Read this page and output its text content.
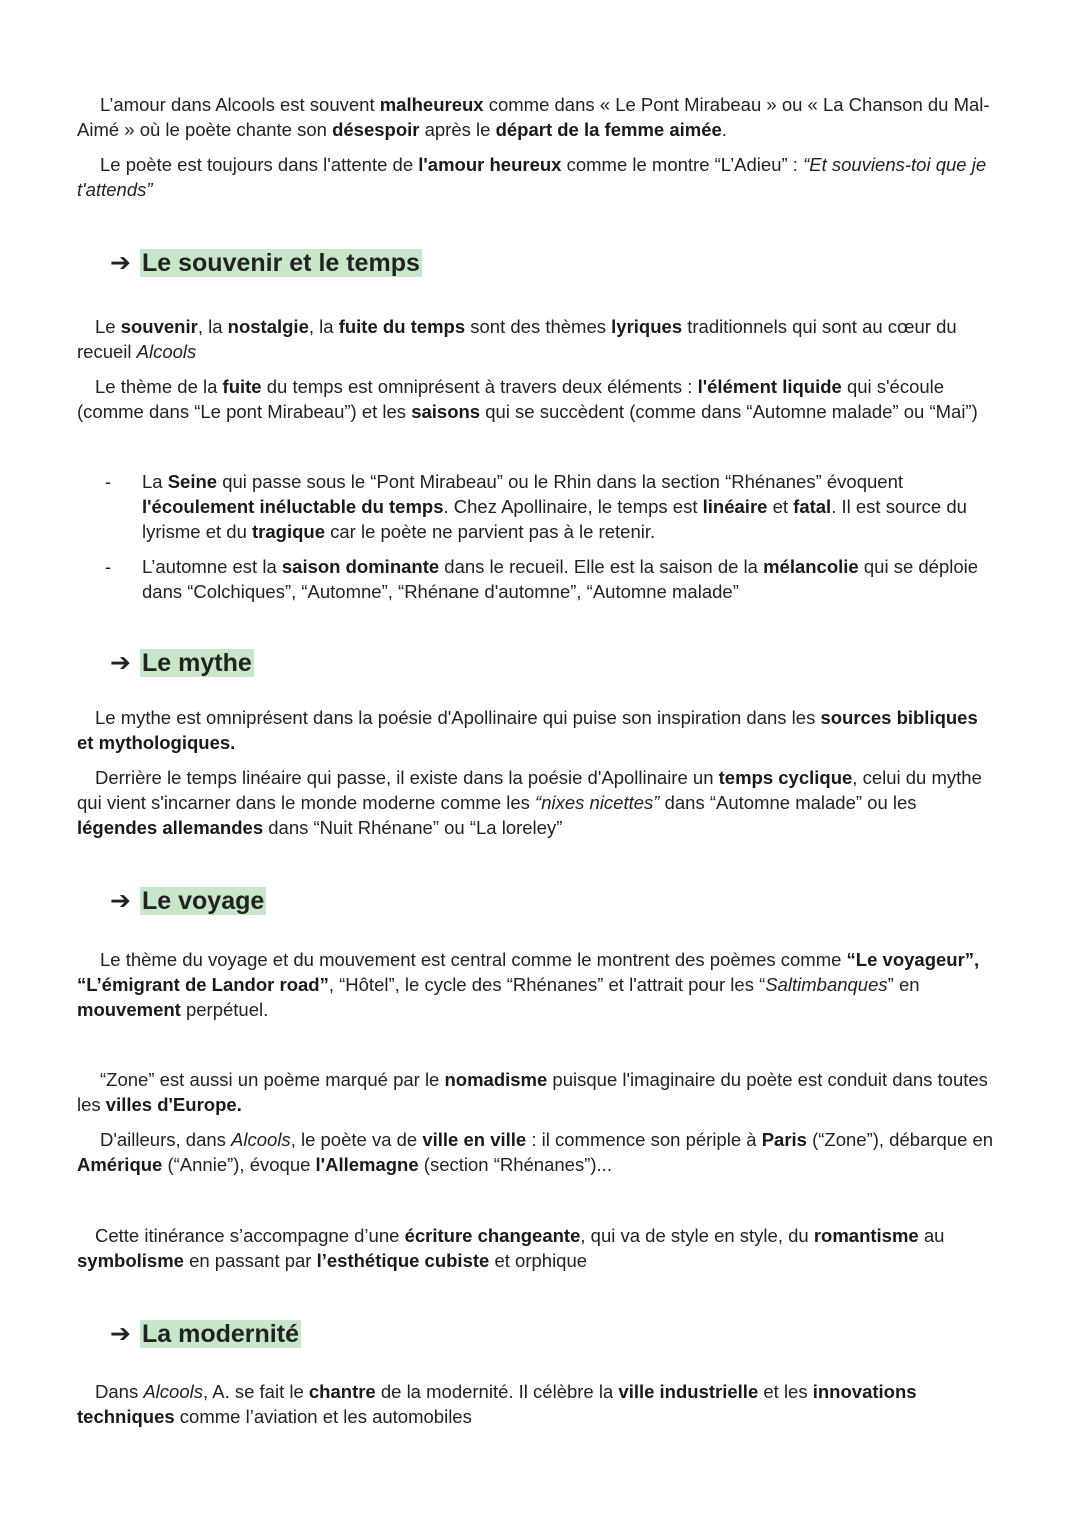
L’amour dans Alcools est souvent malheureux comme dans « Le Pont Mirabeau » ou « La Chanson du Mal-Aimé » où le poète chante son désespoir après le départ de la femme aimée.

Le poète est toujours dans l'attente de l'amour heureux comme le montre “L’Adieu” : “Et souviens-toi que je t'attends”

➔ Le souvenir et le temps

Le souvenir, la nostalgie, la fuite du temps sont des thèmes lyriques traditionnels qui sont au cœur du recueil Alcools

Le thème de la fuite du temps est omniprésent à travers deux éléments : l'élément liquide qui s'écoule (comme dans “Le pont Mirabeau”) et les saisons qui se succèdent (comme dans “Automne malade” ou “Mai”)

- La Seine qui passe sous le “Pont Mirabeau” ou le Rhin dans la section “Rhénanes” évoquent l'écoulement inéluctable du temps. Chez Apollinaire, le temps est linéaire et fatal. Il est source du lyrisme et du tragique car le poète ne parvient pas à le retenir.
- L’automne est la saison dominante dans le recueil. Elle est la saison de la mélancolie qui se déploie dans “Colchiques”, “Automne”, “Rhénane d'automne”, “Automne malade”
➔ Le mythe

Le mythe est omniprésent dans la poésie d'Apollinaire qui puise son inspiration dans les sources bibliques et mythologiques.

Derrière le temps linéaire qui passe, il existe dans la poésie d'Apollinaire un temps cyclique, celui du mythe qui vient s'incarner dans le monde moderne comme les “nixes nicettes” dans “Automne malade” ou les légendes allemandes dans “Nuit Rhénane” ou “La loreley”

➔ Le voyage

Le thème du voyage et du mouvement est central comme le montrent des poèmes comme “Le voyageur”, “L’émigrant de Landor road”, “Hôtel”, le cycle des “Rhénanes” et l'attrait pour les “Saltimbanques” en mouvement perpétuel.

“Zone” est aussi un poème marqué par le nomadisme puisque l'imaginaire du poète est conduit dans toutes les villes d'Europe.

D'ailleurs, dans Alcools, le poète va de ville en ville : il commence son périple à Paris (“Zone”), débarque en Amérique (“Annie”), évoque l'Allemagne (section “Rhénanes”)...

Cette itinérance s’accompagne d’une écriture changeante, qui va de style en style, du romantisme au symbolisme en passant par l’esthétique cubiste et orphique

➔ La modernité

Dans Alcools, A. se fait le chantre de la modernité. Il célèbre la ville industrielle et les innovations techniques comme l’aviation et les automobiles
